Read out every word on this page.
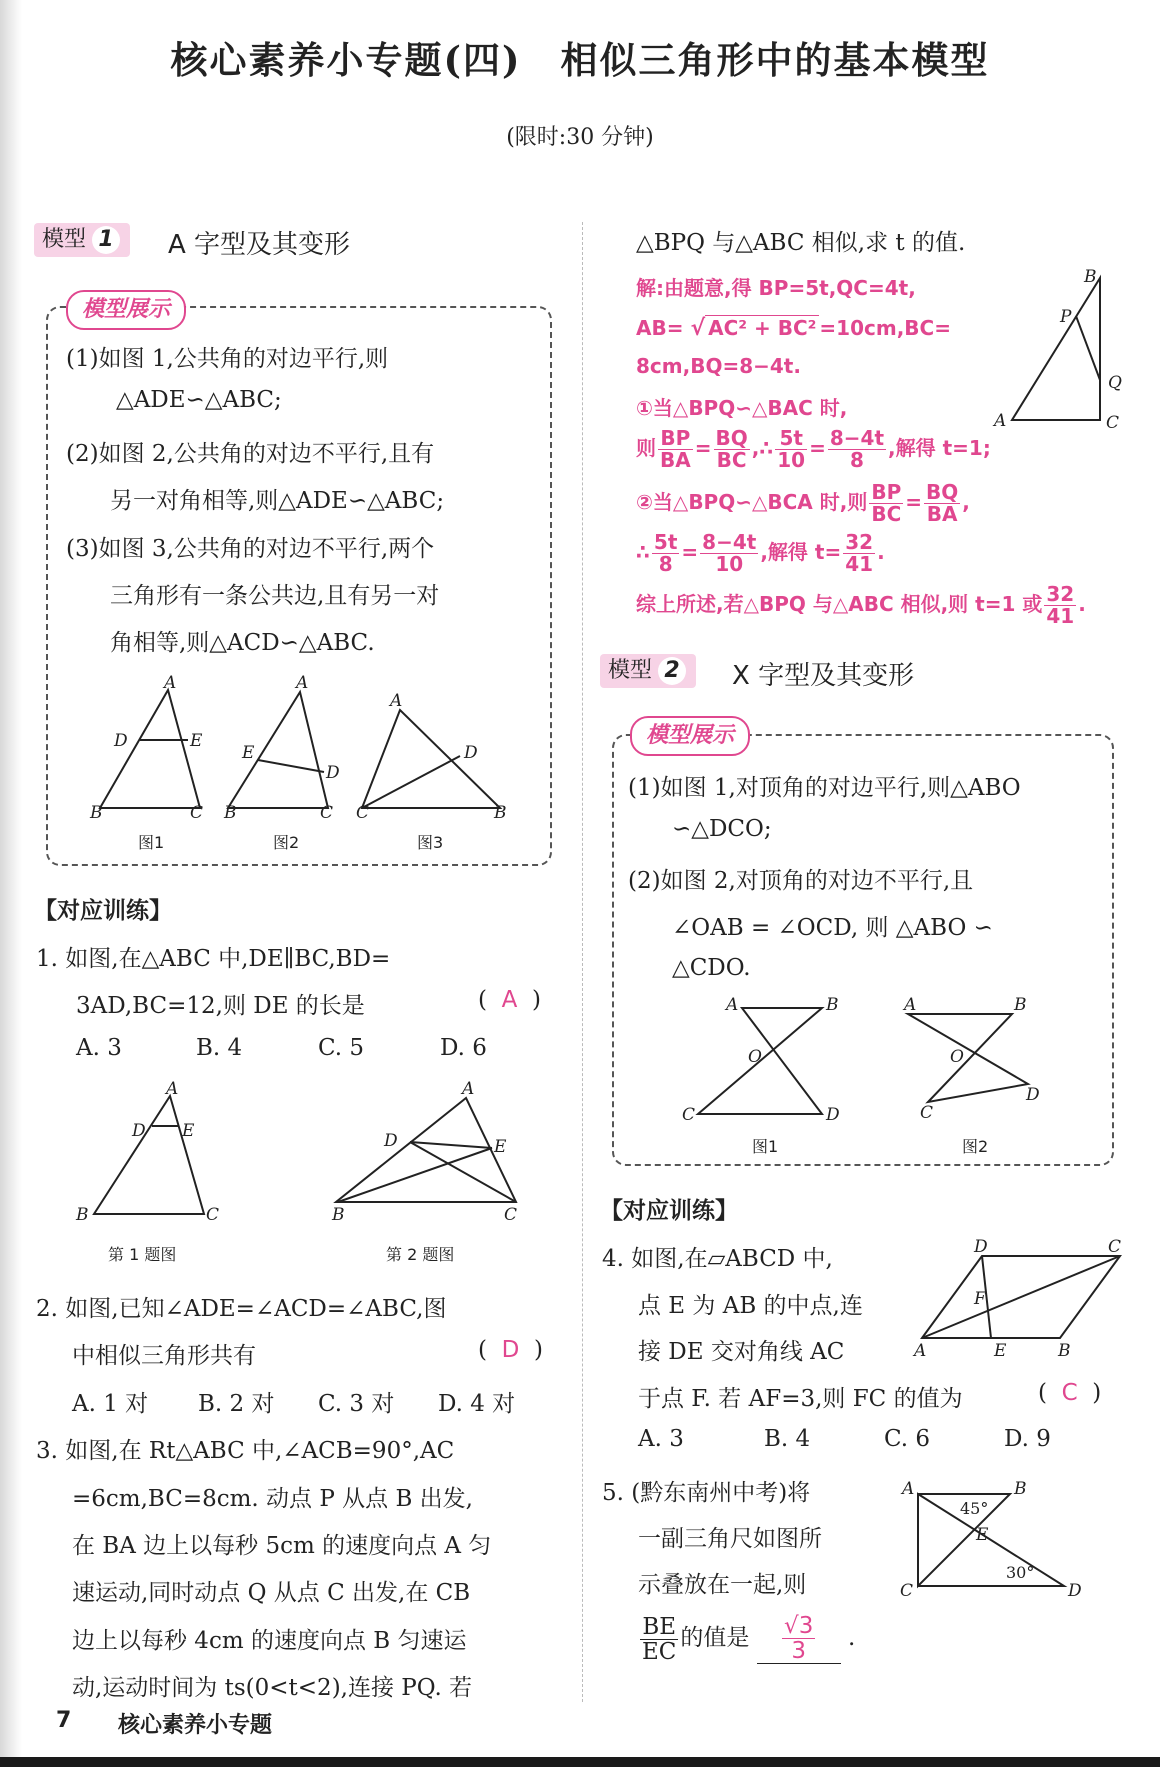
核心素养小专题(四)　相似三角形中的基本模型
(限时:30 分钟)
模型 1	A 字型及其变形
模型展示
(1)如图 1,公共角的对边平行,则
△ADE∽△ABC;
(2)如图 2,公共角的对边不平行,且有
另一对角相等,则△ADE∽△ABC;
(3)如图 3,公共角的对边不平行,两个
三角形有一条公共边,且有另一对
角相等,则△ACD∽△ABC.
A
D	E
B	C
A
E
D
B	C
A
D
C	B
图1	图2	图3
【对应训练】
1. 如图,在△ABC 中,DE∥BC,BD=
3AD,BC=12,则 DE 的长是	(  A  )
A. 3	B. 4	C. 5	D. 6
A
D E
B	C
A
D	E
B	C
第 1 题图	第 2 题图
2. 如图,已知∠ADE=∠ACD=∠ABC,图
中相似三角形共有	(  D  )
A. 1 对 B. 2 对 C. 3 对 D. 4 对
3. 如图,在 Rt△ABC 中,∠ACB=90°,AC
=6cm,BC=8cm. 动点 P 从点 B 出发,
在 BA 边上以每秒 5cm 的速度向点 A 匀
速运动,同时动点 Q 从点 C 出发,在 CB
边上以每秒 4cm 的速度向点 B 匀速运
动,运动时间为 ts(0<t<2),连接 PQ. 若
7 核心素养小专题
△BPQ 与△ABC 相似,求 t 的值.
解:由题意,得 BP=5t,QC=4t,
AB= √ AC² + BC² =10cm,BC=
8cm,BQ=8−4t.
①当△BPQ∽△BAC 时,
则 $\frac{BP}{BA} = \frac{BQ}{BC}$ ,∴ $\frac{5t}{10} = \frac{8-4t}{8}$ ,解得 t=1;
②当△BPQ∽△BCA 时,则 $\frac{BP}{BC} = \frac{BQ}{BA}$ ,
∴ $\frac{5t}{8} = \frac{8-4t}{10}$ ,解得 $t= \frac{32}{41}$ .
综上所述,若△BPQ 与△ABC 相似,则 t=1 或 $\frac{32}{41}$ .
B
P
Q
A	C
模型 2	X 字型及其变形
模型展示
(1)如图 1,对顶角的对边平行,则△ABO
∽△DCO;
(2)如图 2,对顶角的对边不平行,且
∠OAB = ∠OCD, 则 △ABO ∽
△CDO.
A	B
O
C	D
A	B
O
C
D
图1	图2
【对应训练】
4. 如图,在▱ABCD 中,
点 E 为 AB 的中点,连
接 DE 交对角线 AC
于点 F. 若 AF=3,则 FC 的值为	(  C  )
A. 3	B. 4	C. 6	D. 9
D	C
F
A	E	B
5. (黔东南州中考)将
一副三角尺如图所
示叠放在一起,则
$\frac{BE}{EC}$ 的值是 $\frac{√3}{3}$ .
A	B
E
C	D
45°
30°
